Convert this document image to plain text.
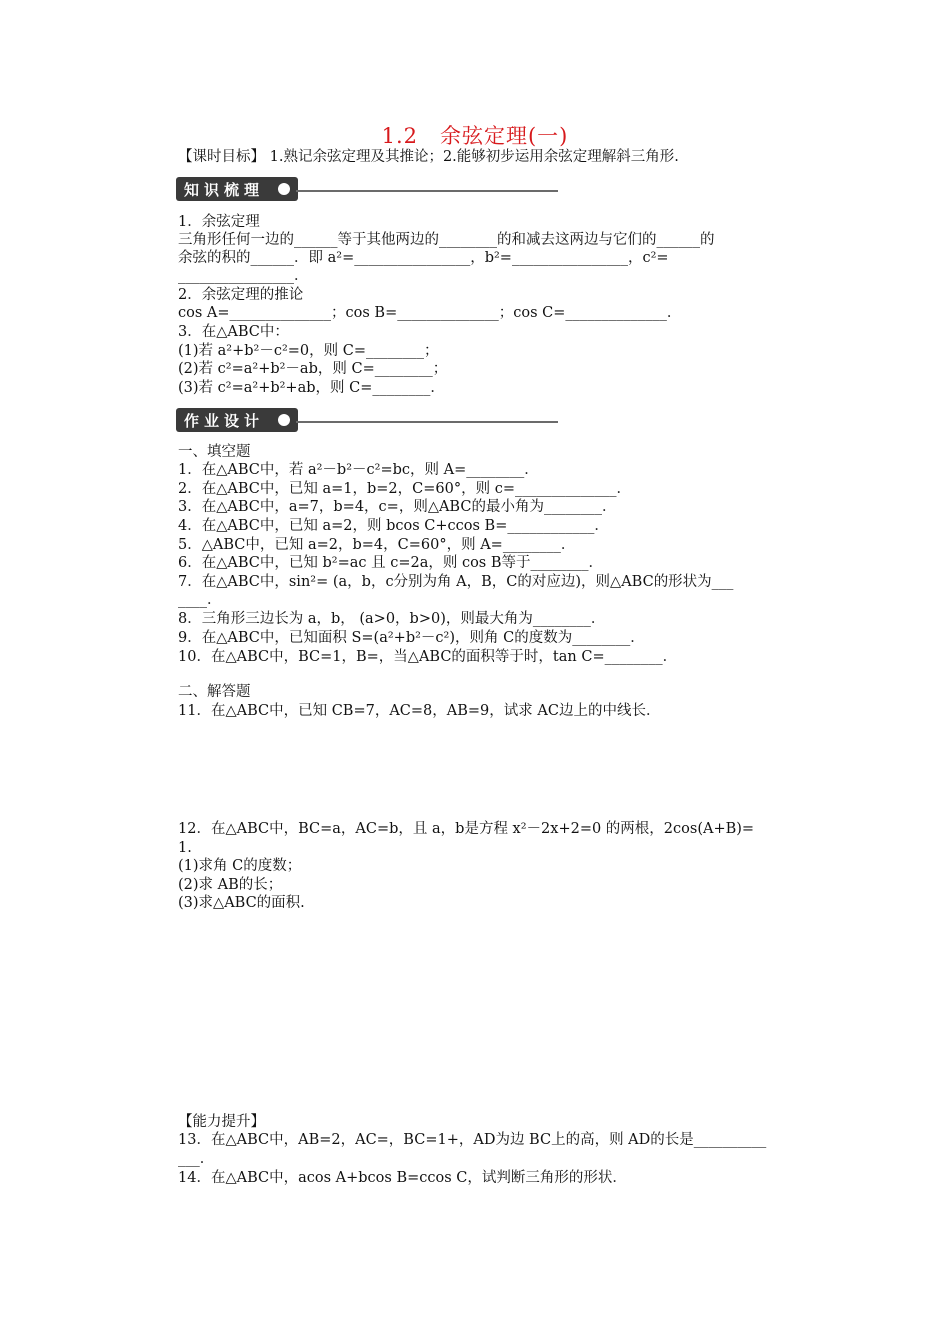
1.2　余弦定理(一)
【课时目标】 1.熟记余弦定理及其推论；2.能够初步运用余弦定理解斜三角形.
知识梳理
1．余弦定理
三角形任何一边的______等于其他两边的________的和减去这两边与它们的______的
余弦的积的______．即 a²=________________，b²=________________，c²=
________________．
2．余弦定理的推论
cos A=______________；cos B=______________；cos C=______________．
3．在△ABC中：
(1)若 a²+b²－c²=0，则 C=________；
(2)若 c²=a²+b²－ab，则 C=________；
(3)若 c²=a²+b²+ab，则 C=________．
作业设计
一、填空题
1．在△ABC中，若 a²－b²－c²=bc，则 A=________．
2．在△ABC中，已知 a=1，b=2，C=60°，则 c=______________．
3．在△ABC中，a=7，b=4，c=，则△ABC的最小角为________．
4．在△ABC中，已知 a=2，则 bcos C+ccos B=____________．
5．△ABC中，已知 a=2，b=4，C=60°，则 A=________．
6．在△ABC中，已知 b²=ac 且 c=2a，则 cos B等于________．
7．在△ABC中，sin²= (a，b，c分别为角 A，B，C的对应边)，则△ABC的形状为___
____．
8．三角形三边长为 a，b， (a>0，b>0)，则最大角为________．
9．在△ABC中，已知面积 S=(a²+b²－c²)，则角 C的度数为________．
10．在△ABC中，BC=1，B=，当△ABC的面积等于时，tan C=________．
二、解答题
11．在△ABC中，已知 CB=7，AC=8，AB=9，试求 AC边上的中线长．
12．在△ABC中，BC=a，AC=b，且 a，b是方程 x²－2x+2=0 的两根，2cos(A+B)=
1.
(1)求角 C的度数；
(2)求 AB的长；
(3)求△ABC的面积.
【能力提升】
13．在△ABC中，AB=2，AC=，BC=1+，AD为边 BC上的高，则 AD的长是__________
___．
14．在△ABC中，acos A+bcos B=ccos C，试判断三角形的形状．
